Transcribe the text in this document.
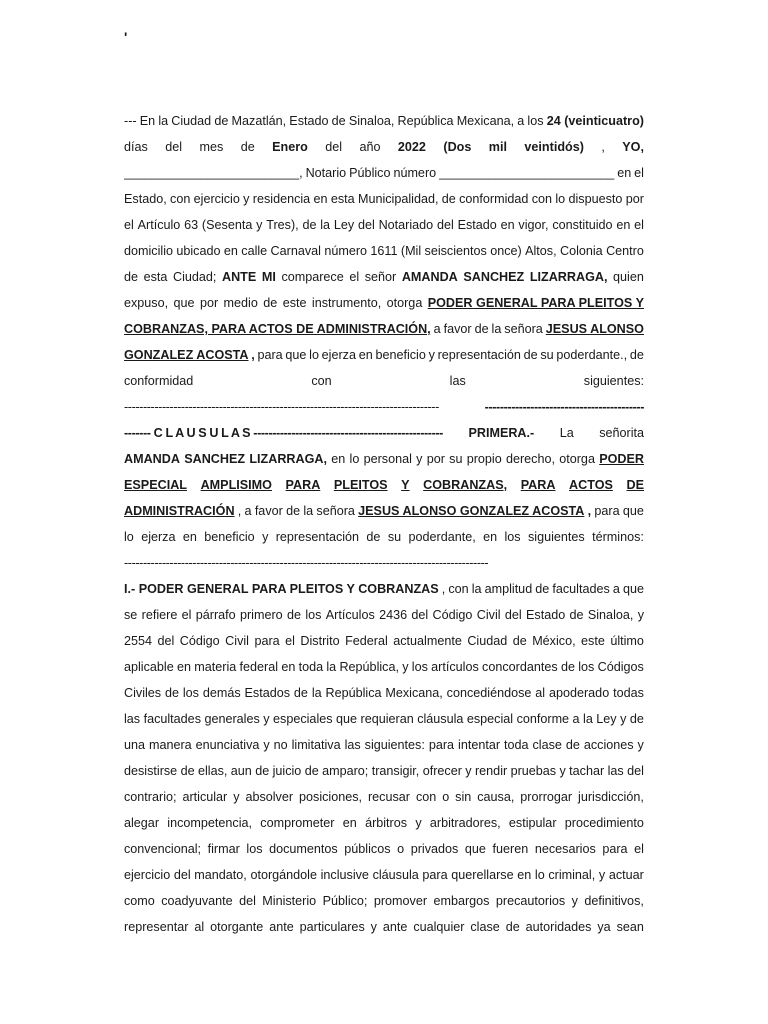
'
--- En la Ciudad de Mazatlán, Estado de Sinaloa, República Mexicana, a los 24 (veinticuatro)
días del mes de Enero del año 2022 (Dos mil veintidós) , YO,
_________________________, Notario Público número _________________________ en el
Estado, con ejercicio y residencia en esta Municipalidad, de conformidad con lo dispuesto por
el Artículo 63 (Sesenta y Tres), de la Ley del Notariado del Estado en vigor, constituido en el
domicilio ubicado en calle Carnaval número 1611 (Mil seiscientos once) Altos, Colonia Centro
de esta Ciudad; ANTE MI comparece el señor AMANDA SANCHEZ LIZARRAGA, quien
expuso, que por medio de este instrumento, otorga PODER GENERAL PARA PLEITOS Y
COBRANZAS, PARA ACTOS DE ADMINISTRACIÓN, a favor de la señora JESUS ALONSO
GONZALEZ ACOSTA , para que lo ejerza en beneficio y representación de su poderdante., de
conformidad	con	las	siguientes:
-----------------------------------------------------------------------------------	------------------------------------------
------- C L A U S U L A S -------------------------------------------------- PRIMERA.- La señorita
AMANDA SANCHEZ LIZARRAGA, en lo personal y por su propio derecho, otorga PODER
ESPECIAL AMPLISIMO PARA PLEITOS Y COBRANZAS, PARA ACTOS DE
ADMINISTRACIÓN , a favor de la señora JESUS ALONSO GONZALEZ ACOSTA , para que
lo ejerza en beneficio y representación de su poderdante, en los siguientes términos:
------------------------------------------------------------------------------------------------
I.- PODER GENERAL PARA PLEITOS Y COBRANZAS , con la amplitud de facultades a que
se refiere el párrafo primero de los Artículos 2436 del Código Civil del Estado de Sinaloa, y
2554 del Código Civil para el Distrito Federal actualmente Ciudad de México, este último
aplicable en materia federal en toda la República, y los artículos concordantes de los Códigos
Civiles de los demás Estados de la República Mexicana, concediéndose al apoderado todas
las facultades generales y especiales que requieran cláusula especial conforme a la Ley y de
una manera enunciativa y no limitativa las siguientes: para intentar toda clase de acciones y
desistirse de ellas, aun de juicio de amparo; transigir, ofrecer y rendir pruebas y tachar las del
contrario; articular y absolver posiciones, recusar con o sin causa, prorrogar jurisdicción,
alegar incompetencia, comprometer en árbitros y arbitradores, estipular procedimiento
convencional; firmar los documentos públicos o privados que fueren necesarios para el
ejercicio del mandato, otorgándole inclusive cláusula para querellarse en lo criminal, y actuar
como coadyuvante del Ministerio Público; promover embargos precautorios y definitivos,
representar al otorgante ante particulares y ante cualquier clase de autoridades ya sean
